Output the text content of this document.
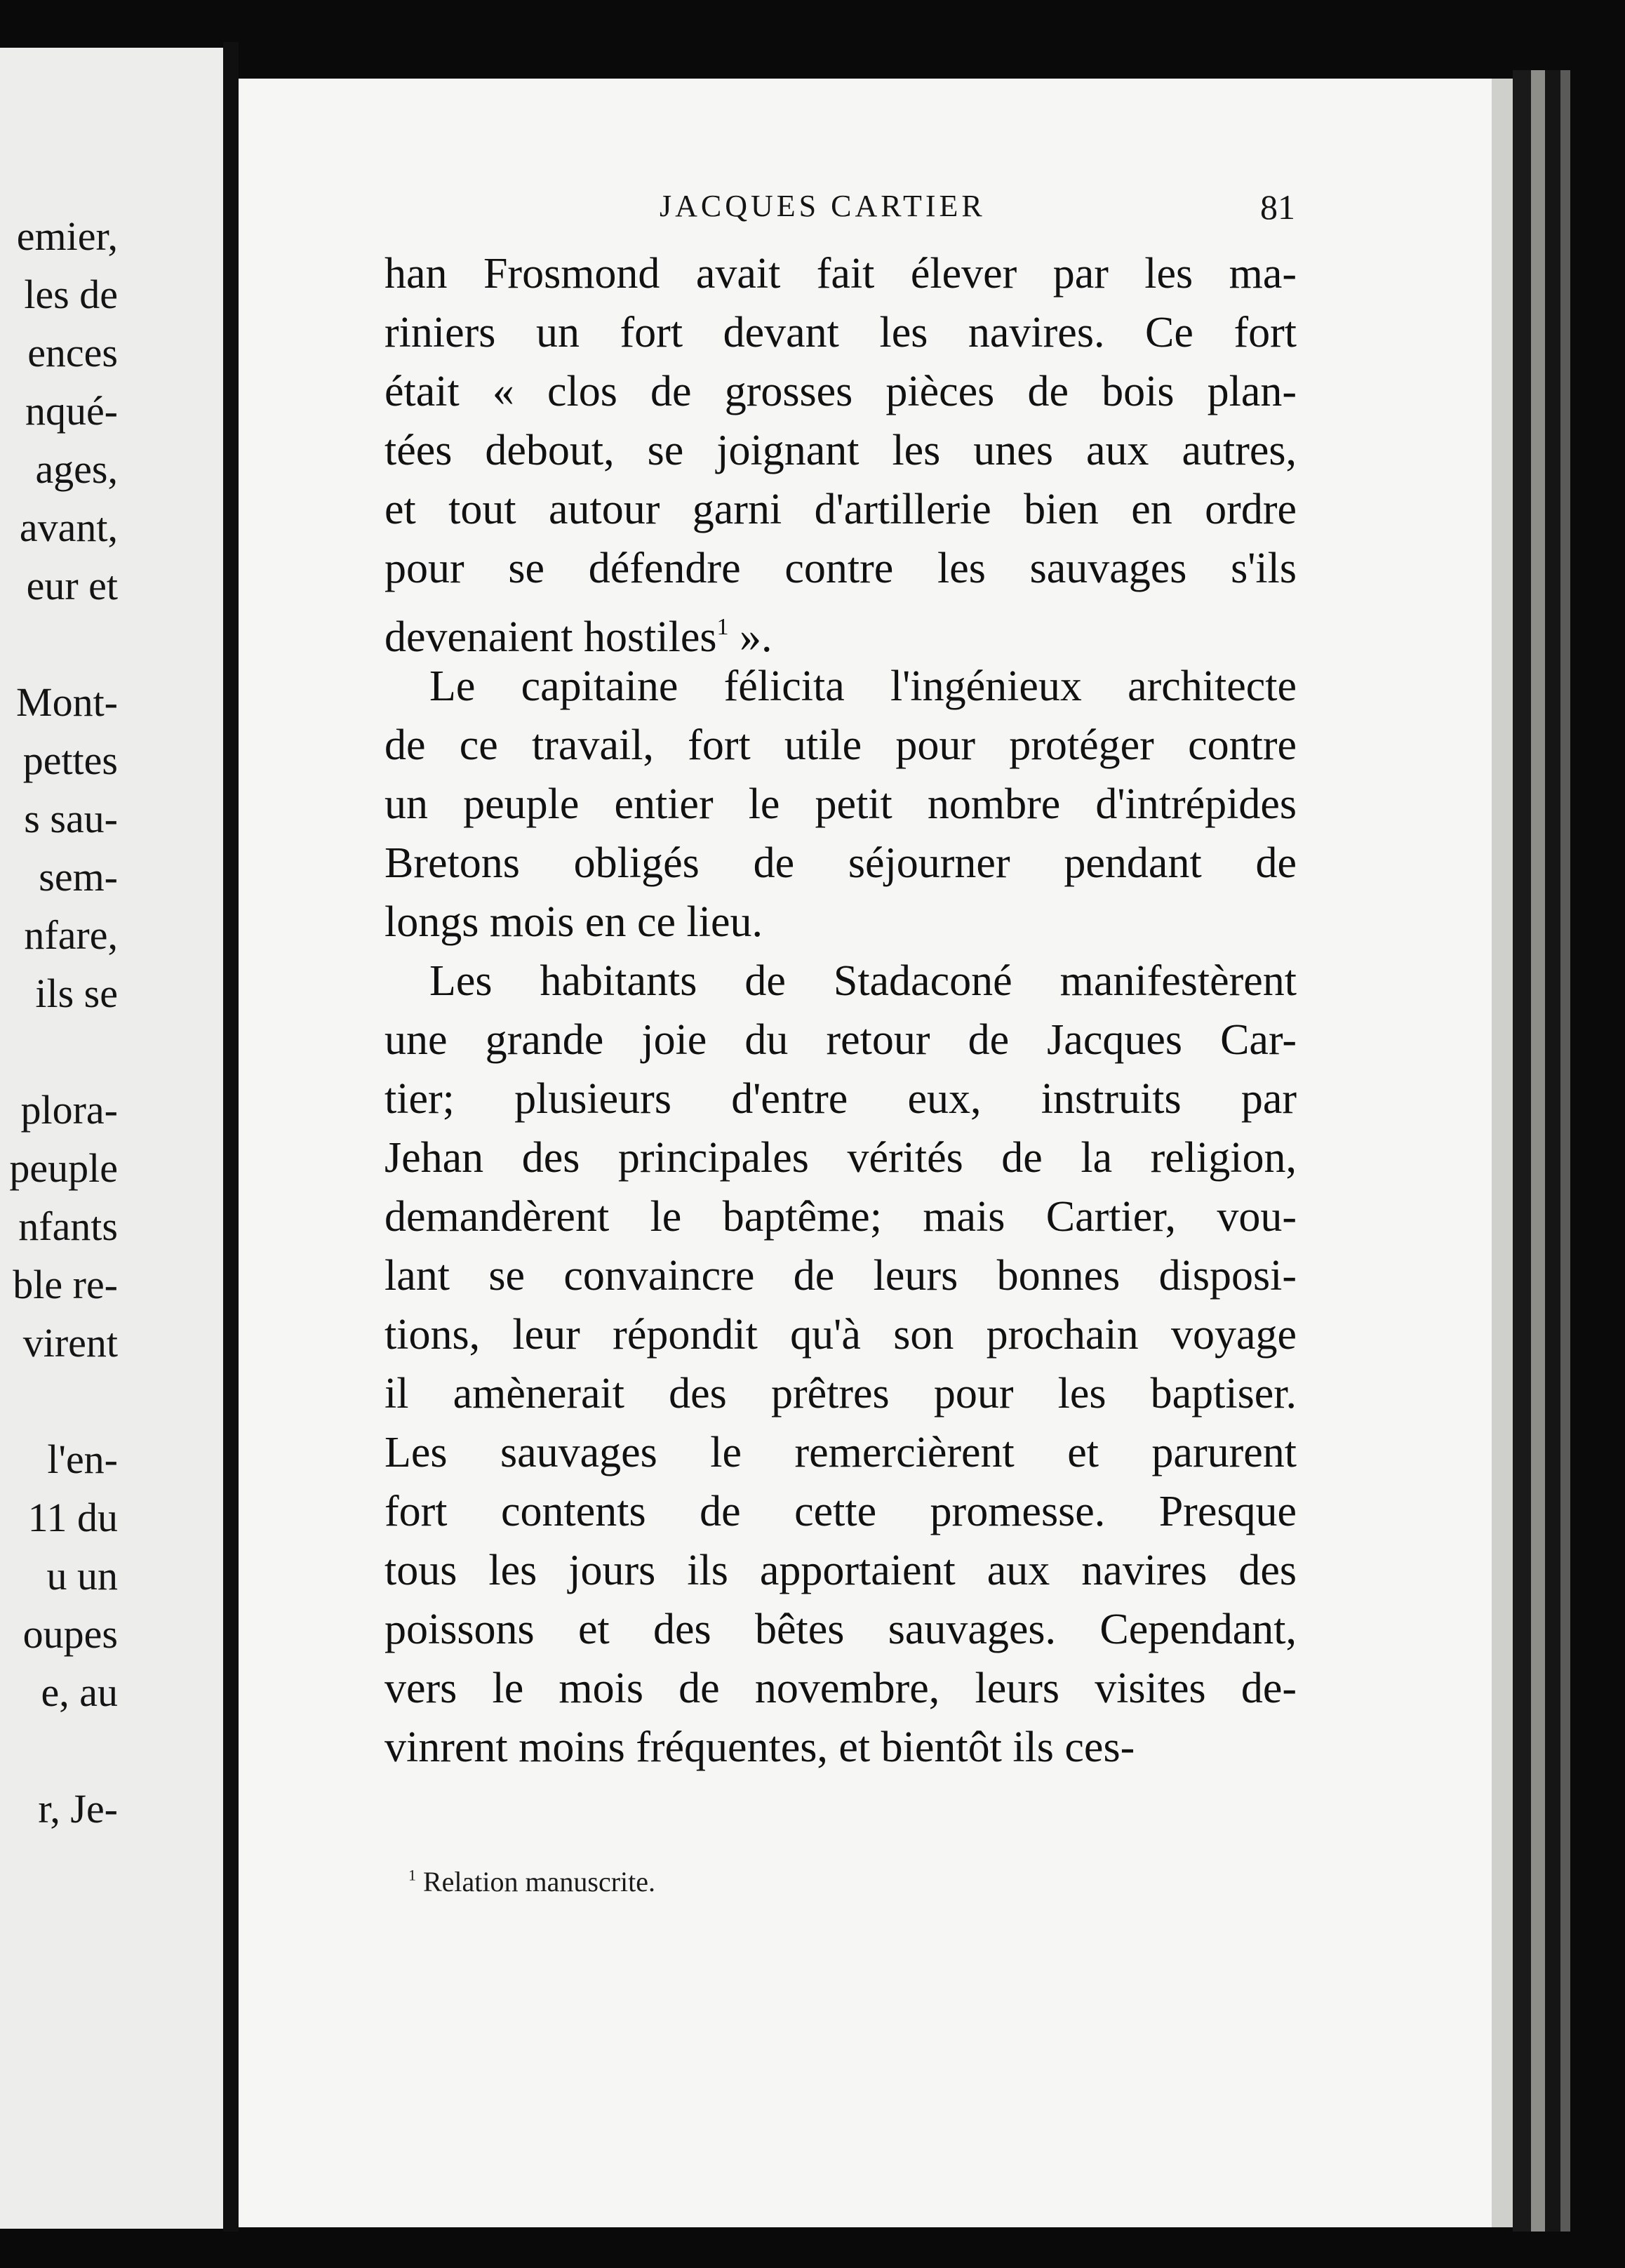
emier,
les de
ences
nqué-
ages,
avant,
eur et
Mont-
pettes
s sau-
sem-
nfare,
ils se
plora-
peuple
nfants
ble re-
virent
l'en-
11 du
u un
oupes
e, au
r, Je-
JACQUES CARTIER	81
han Frosmond avait fait élever par les ma-
riniers un fort devant les navires. Ce fort
était « clos de grosses pièces de bois plan-
tées debout, se joignant les unes aux autres,
et tout autour garni d'artillerie bien en ordre
pour se défendre contre les sauvages s'ils
devenaient hostiles$^1$ ».
Le capitaine félicita l'ingénieux architecte
de ce travail, fort utile pour protéger contre
un peuple entier le petit nombre d'intrépides
Bretons obligés de séjourner pendant de
longs mois en ce lieu.
Les habitants de Stadaconé manifestèrent
une grande joie du retour de Jacques Car-
tier; plusieurs d'entre eux, instruits par
Jehan des principales vérités de la religion,
demandèrent le baptême; mais Cartier, vou-
lant se convaincre de leurs bonnes disposi-
tions, leur répondit qu'à son prochain voyage
il amènerait des prêtres pour les baptiser.
Les sauvages le remercièrent et parurent
fort contents de cette promesse. Presque
tous les jours ils apportaient aux navires des
poissons et des bêtes sauvages. Cependant,
vers le mois de novembre, leurs visites de-
vinrent moins fréquentes, et bientôt ils ces-
$^1$ Relation manuscrite.
